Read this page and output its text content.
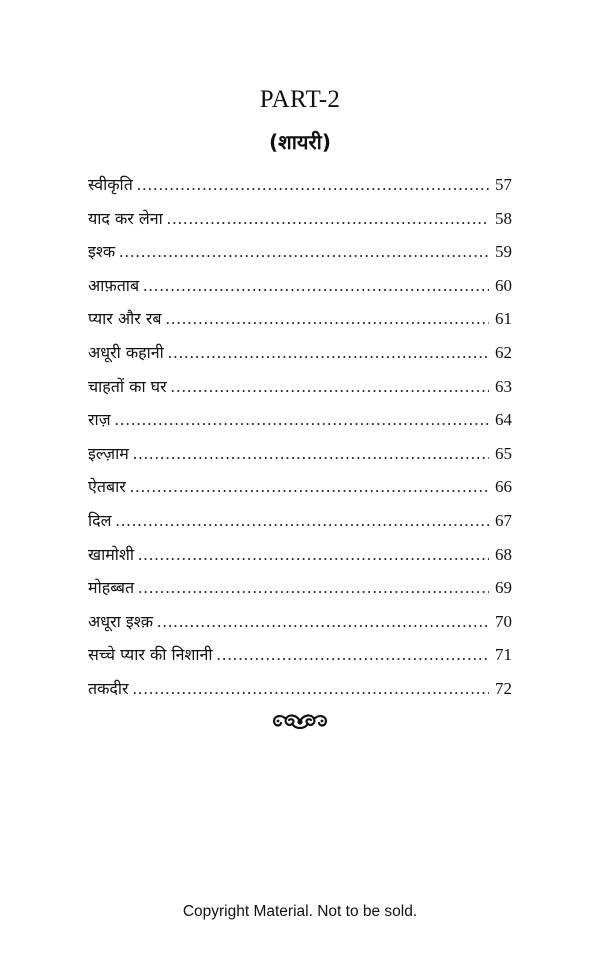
PART-2
(शायरी)
स्वीकृति .....	57
याद कर लेना .....	58
इश्क .....	59
आफ़ताब .....	60
प्यार और रब .....	61
अधूरी कहानी .....	62
चाहतों का घर .....	63
राज़ .....	64
इल्ज़ाम .....	65
ऐतबार .....	66
दिल .....	67
खामोशी .....	68
मोहब्बत .....	69
अधूरा इश्क़ .....	70
सच्चे प्यार की निशानी .....	71
तकदीर .....	72
Copyright Material. Not to be sold.
